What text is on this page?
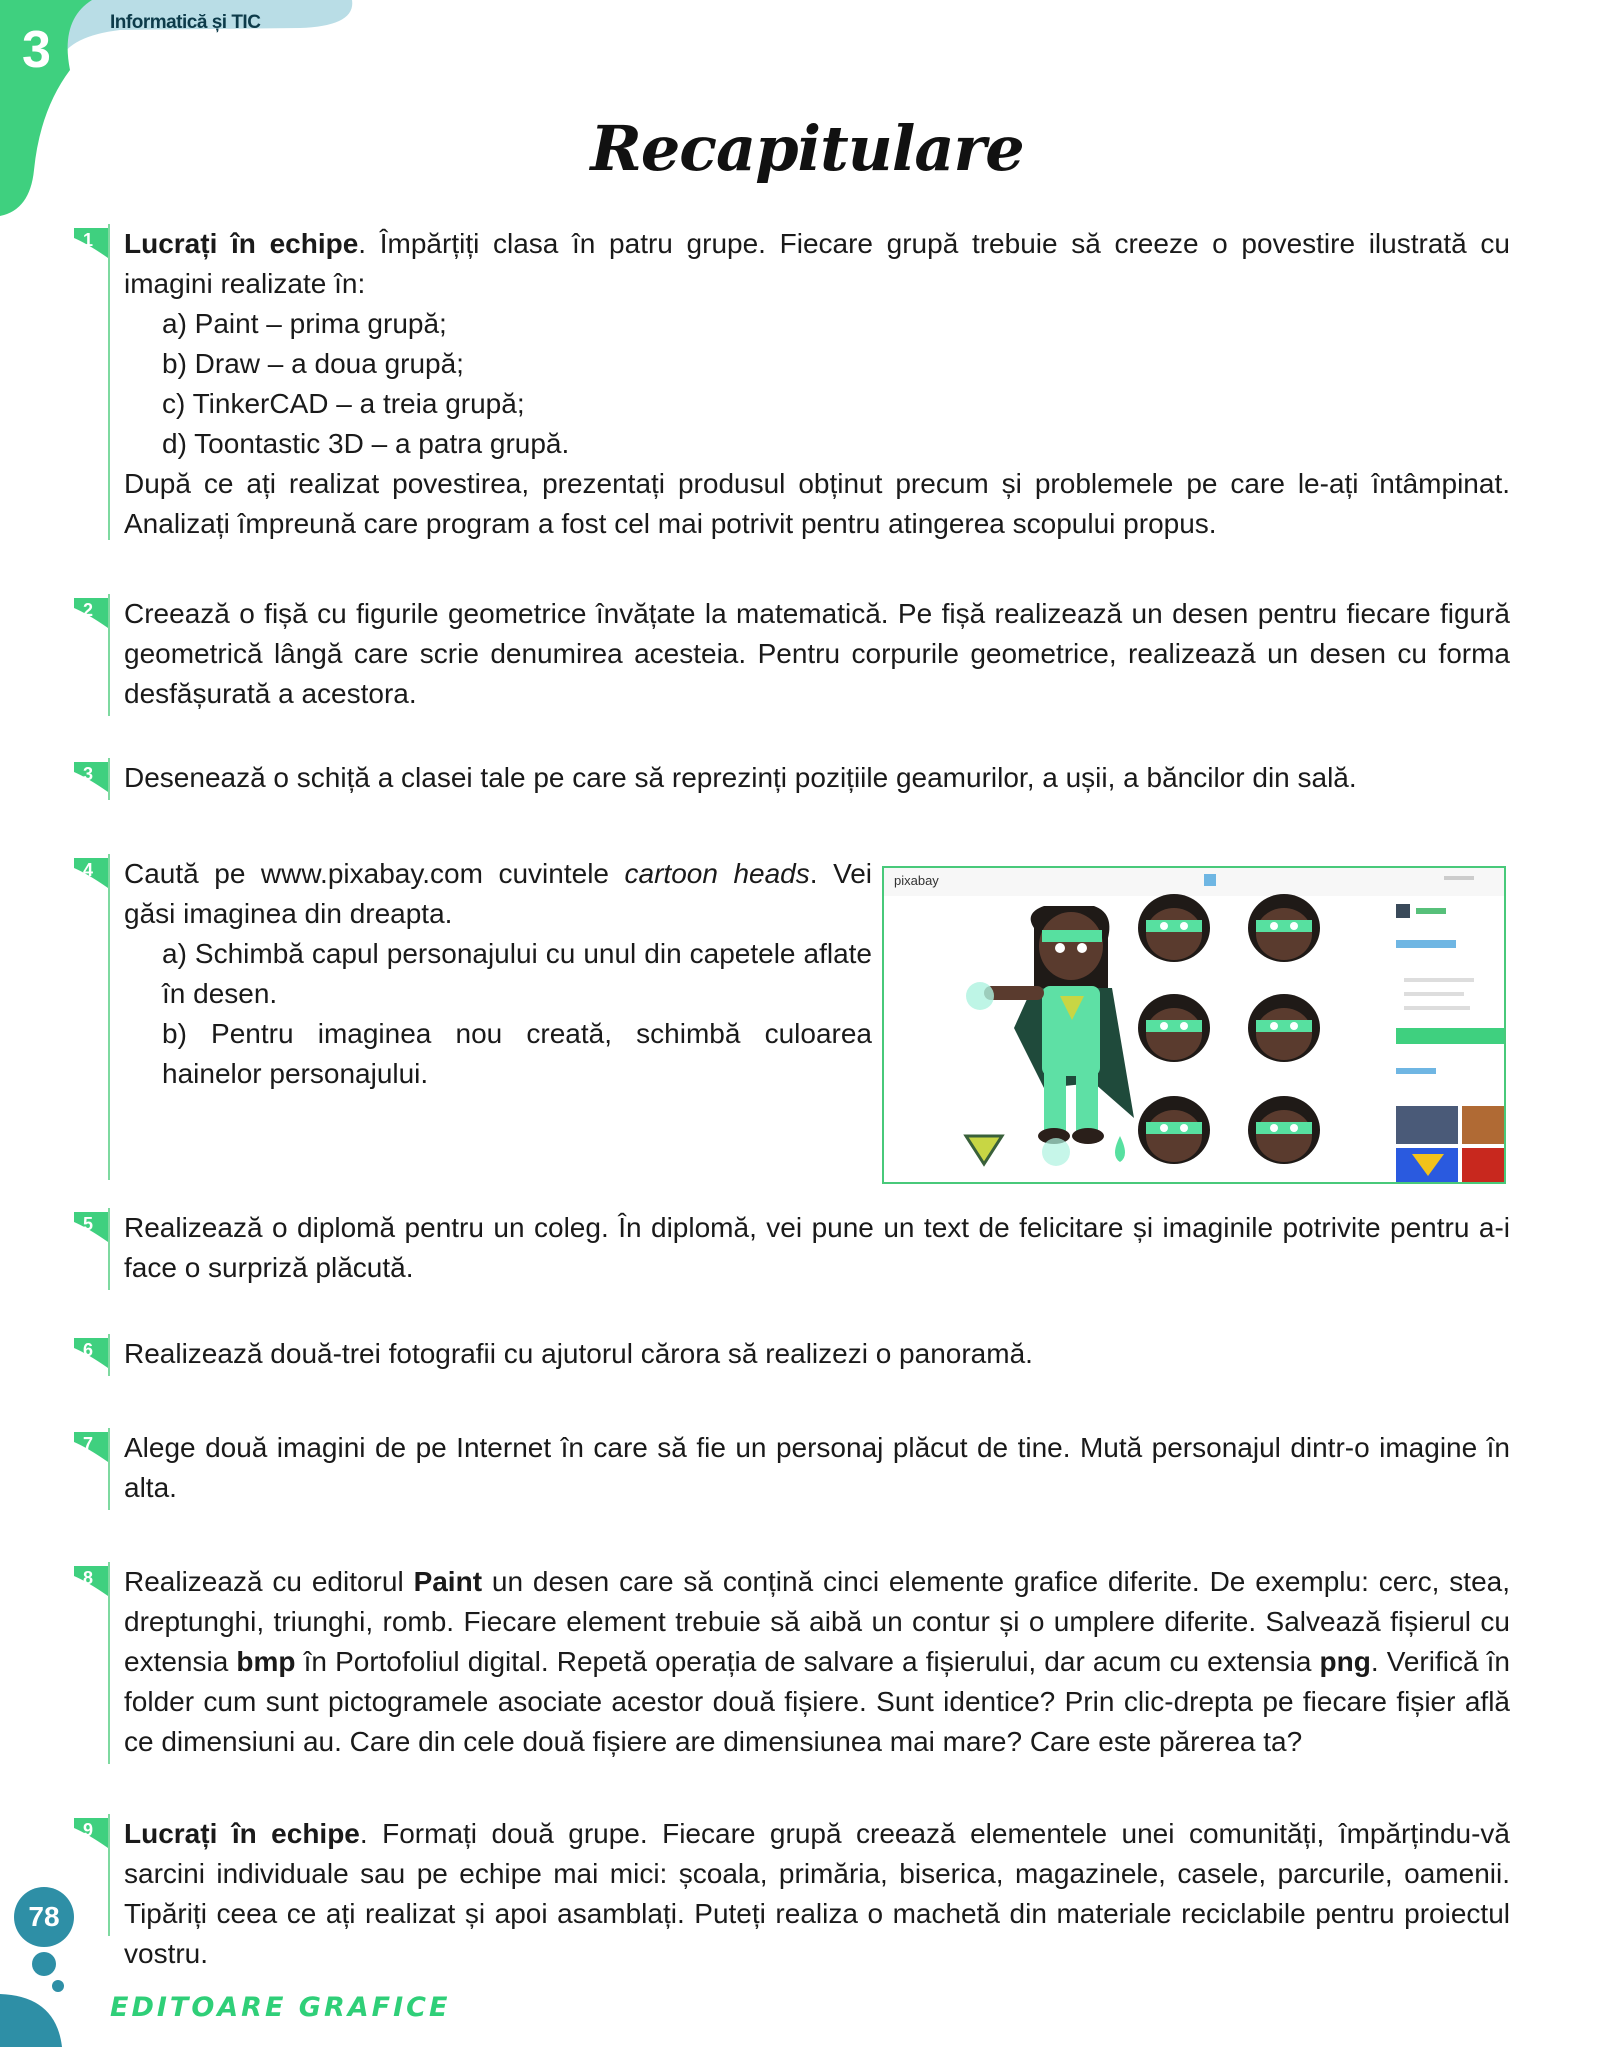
3	Informatică și TIC
Recapitulare
1	Lucrați în echipe. Împărțiți clasa în patru grupe. Fiecare grupă trebuie să creeze o povestire ilustrată cu imagini realizate în:

a) Paint – prima grupă;

b) Draw – a doua grupă;

c) TinkerCAD – a treia grupă;

d) Toontastic 3D – a patra grupă.

După ce ați realizat povestirea, prezentați produsul obținut precum și problemele pe care le-ați întâmpinat. Analizați împreună care program a fost cel mai potrivit pentru atingerea scopului propus.

2	Creează o fișă cu figurile geometrice învățate la matematică. Pe fișă realizează un desen pentru fiecare figură geometrică lângă care scrie denumirea acesteia. Pentru corpurile geometrice, realizează un desen cu forma desfășurată a acestora.

3	Desenează o schiță a clasei tale pe care să reprezinți pozițiile geamurilor, a ușii, a băncilor din sală.

4	Caută pe www.pixabay.com cuvintele cartoon heads. Vei găsi imaginea din dreapta.

a) Schimbă capul personajului cu unul din capetele aflate în desen.

b) Pentru imaginea nou creată, schimbă culoarea hainelor personajului.

pixabay
5	Realizează o diplomă pentru un coleg. În diplomă, vei pune un text de felicitare și imaginile potrivite pentru a-i face o surpriză plăcută.

6	Realizează două-trei fotografii cu ajutorul cărora să realizezi o panoramă.

7	Alege două imagini de pe Internet în care să fie un personaj plăcut de tine. Mută personajul dintr-o imagine în alta.

8	Realizează cu editorul Paint un desen care să conțină cinci elemente grafice diferite. De exemplu: cerc, stea, dreptunghi, triunghi, romb. Fiecare element trebuie să aibă un contur și o umplere diferite. Salvează fișierul cu extensia bmp în Portofoliul digital. Repetă operația de salvare a fișierului, dar acum cu extensia png. Verifică în folder cum sunt pictogramele asociate acestor două fișiere. Sunt identice? Prin clic-drepta pe fiecare fișier află ce dimensiuni au. Care din cele două fișiere are dimensiunea mai mare? Care este părerea ta?

9	Lucrați în echipe. Formați două grupe. Fiecare grupă creează elementele unei comunități, împărțindu-vă sarcini individuale sau pe echipe mai mici: școala, primăria, biserica, magazinele, casele, parcurile, oamenii. Tipăriți ceea ce ați realizat și apoi asamblați. Puteți realiza o machetă din materiale reciclabile pentru proiectul vostru.

78
EDITOARE GRAFICE
